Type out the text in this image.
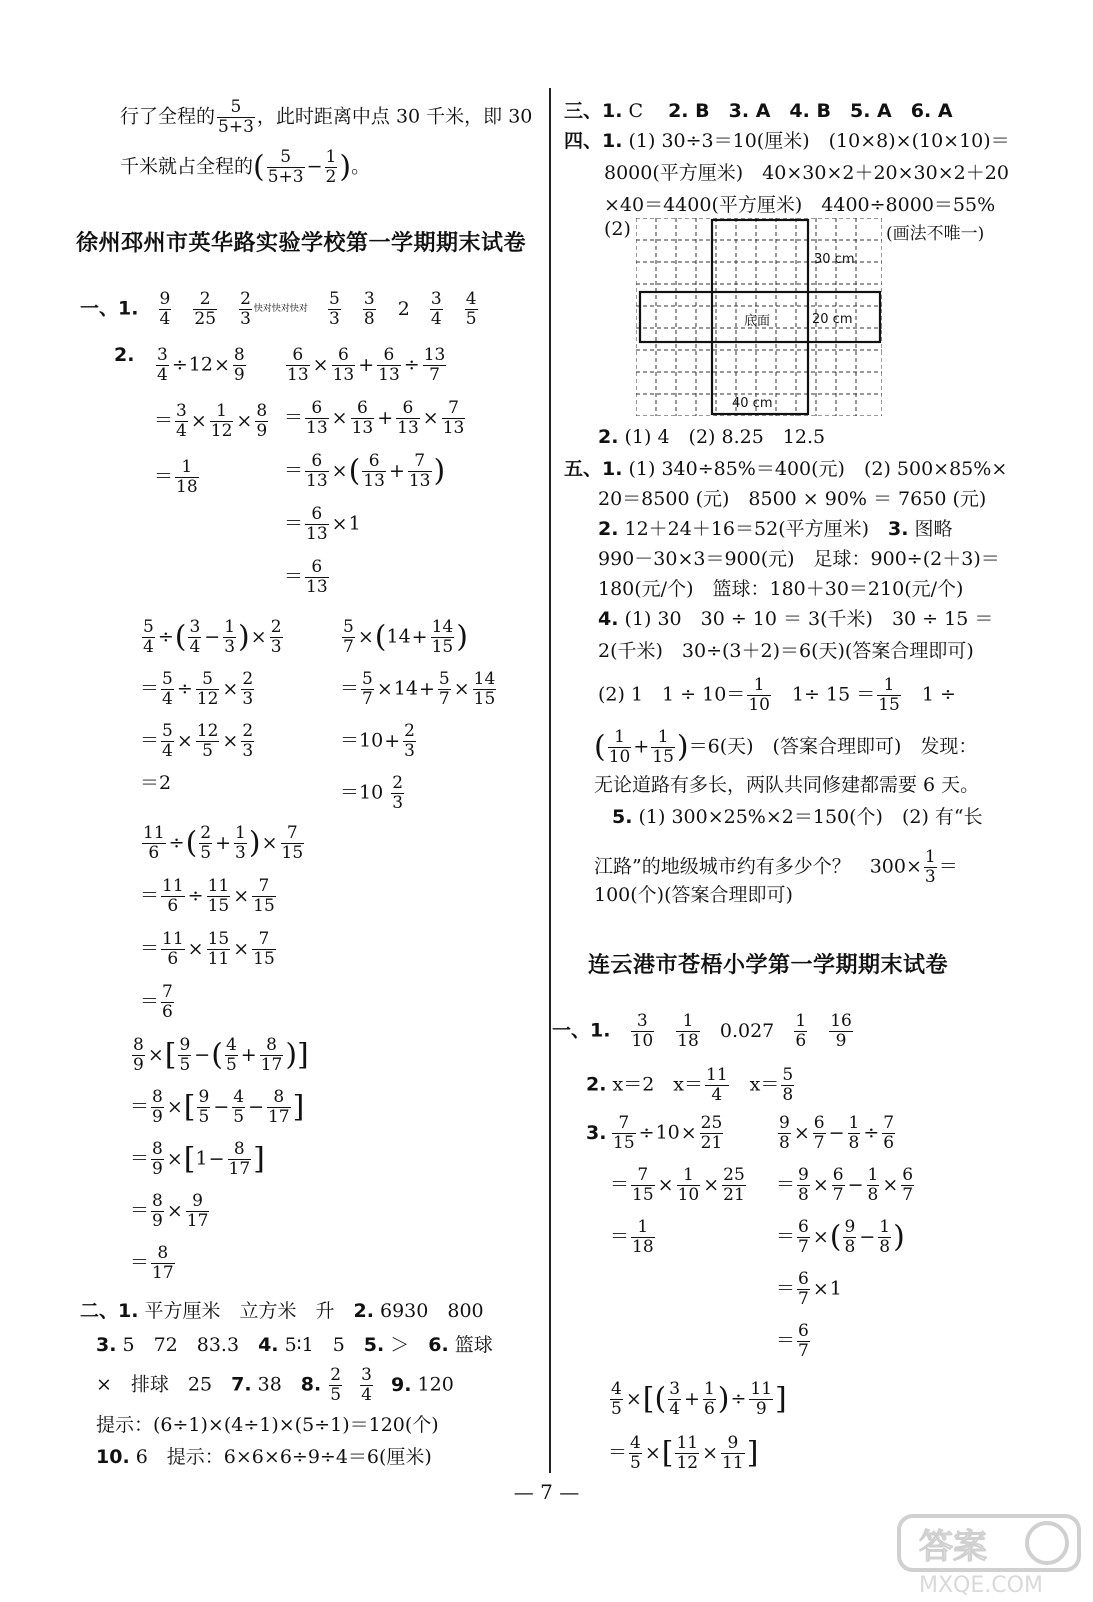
行了全程的 $\frac{5}{5+3}$ ，此时距离中点 30 千米，即 30
千米就占全程的( $\frac{5}{5+3} - \frac{1}{2}$ )。
徐州邳州市英华路实验学校第一学期期末试卷
一、1. $\frac{9}{4}$
$\frac{2}{25}$
$\frac{2}{3}$ 快对快对快对 $\frac{5}{3}$
$\frac{3}{8} 2 \frac{3}{4}$
$\frac{4}{5}$
2. $\frac{3}{4} \div 12\times \frac{8}{9}$
＝ $\frac{3}{4} \times \frac{1}{12} \times \frac{8}{9}$
＝ $\frac{1}{18}$
$\frac{6}{13} \times \frac{6}{13} + \frac{6}{13} \div \frac{13}{7}$
＝ $\frac{6}{13} \times \frac{6}{13} + \frac{6}{13} \times \frac{7}{13}$
＝ $\frac{6}{13}$ ×( $\frac{6}{13} + \frac{7}{13}$ )
＝ $\frac{6}{13} \times 1$
＝ $\frac{6}{13}$
$\frac{5}{4}$ ÷( $\frac{3}{4} - \frac{1}{3}$ )× $\frac{2}{3}$
＝ $\frac{5}{4} \div \frac{5}{12} \times \frac{2}{3}$
＝ $\frac{5}{4} \times \frac{12}{5} \times \frac{2}{3}$
＝2
$\frac{5}{7} \times(14+ \frac{14}{15}$ )
＝ $\frac{5}{7} \times 14+ \frac{5}{7} \times \frac{14}{15}$
$=10+ \frac{2}{3}$
$=10 \frac{2}{3}$
$\frac{11}{6}$ ÷( $\frac{2}{5} + \frac{1}{3}$ )× $\frac{7}{15}$
＝ $\frac{11}{6} \div \frac{11}{15} \times \frac{7}{15}$
＝ $\frac{11}{6} \times \frac{15}{11} \times \frac{7}{15}$
＝ $\frac{7}{6}$
$\frac{8}{9}$ ×[ $\frac{9}{5}$ −( $\frac{4}{5} + \frac{8}{17}$ )]
＝ $\frac{8}{9}$ ×[ $\frac{9}{5} - \frac{4}{5} - \frac{8}{17}$ ]
＝ $\frac{8}{9} \times[1- \frac{8}{17}$ ]
＝ $\frac{8}{9} \times \frac{9}{17}$
＝ $\frac{8}{17}$
二、1. 平方厘米　立方米　升　2. 6930　800
3. 5　72　83.3　4. 5∶1　5　5. ＞　6. 篮球
×　排球　25　7. 38　8. $\frac{2}{5}$
$\frac{3}{4} 9$. 120
提示：(6÷1)×(4÷1)×(5÷1)＝120(个)
10. 6　提示：6×6×6÷9÷4＝6(厘米)
三、1. C　 2. B　 3. A　 4. B　 5. A　 6. A
四、1. (1) 30÷3＝10(厘米)　(10×8)×(10×10)＝
8000(平方厘米)　40×30×2＋20×30×2＋20
×40＝4400(平方厘米)　4400÷8000＝55%
(2)	(画法不唯一)
30 cm
底面	20 cm
40 cm
2. (1) 4　(2) 8.25　12.5
五、1. (1) 340÷85%＝400(元)　(2) 500×85%×
20＝8500 (元)　8500 × 90% ＝ 7650 (元)
2. 12＋24＋16＝52(平方厘米)　3. 图略
990－30×3＝900(元)　足球：900÷(2＋3)＝
180(元/个)　篮球：180＋30＝210(元/个)
4. (1) 30　30 ÷ 10 ＝ 3(千米)　30 ÷ 15 ＝
2(千米)　30÷(3＋2)＝6(天)(答案合理即可)
(2) 1　$1 \div 10= \frac{1}{10}$ 　$1\div 15 = \frac{1}{15}$ 　1 ÷
( $\frac{1}{10} + \frac{1}{15} )=6$(天)　(答案合理即可)　发现：
无论道路有多长，两队共同修建都需要 6 天。
5. (1) 300×25%×2＝150(个)　(2) 有“长
江路”的地级城市约有多少个？　$300\times \frac{1}{3}$ ＝
100(个)(答案合理即可)
连云港市苍梧小学第一学期期末试卷
一、1. $\frac{3}{10}$
$\frac{1}{18} 0.027 \frac{1}{6}$
$\frac{16}{9}$
2. x＝2　$x= \frac{11}{4}$ 　$x= \frac{5}{8}$
3. $\frac{7}{15} \div 10\times \frac{25}{21}$
＝ $\frac{7}{15} \times \frac{1}{10} \times \frac{25}{21}$
＝ $\frac{1}{18}$
$\frac{9}{8} \times \frac{6}{7} - \frac{1}{8} \div \frac{7}{6}$
＝ $\frac{9}{8} \times \frac{6}{7} - \frac{1}{8} \times \frac{6}{7}$
＝ $\frac{6}{7}$ ×( $\frac{9}{8} - \frac{1}{8}$ )
＝ $\frac{6}{7} \times 1$
＝ $\frac{6}{7}$
$\frac{4}{5}$ ×[( $\frac{3}{4} + \frac{1}{6}$ )÷ $\frac{11}{9}$ ]
＝ $\frac{4}{5}$ ×[ $\frac{11}{12} \times \frac{9}{11}$ ]
— 7 —
答案
MXQE.COM
